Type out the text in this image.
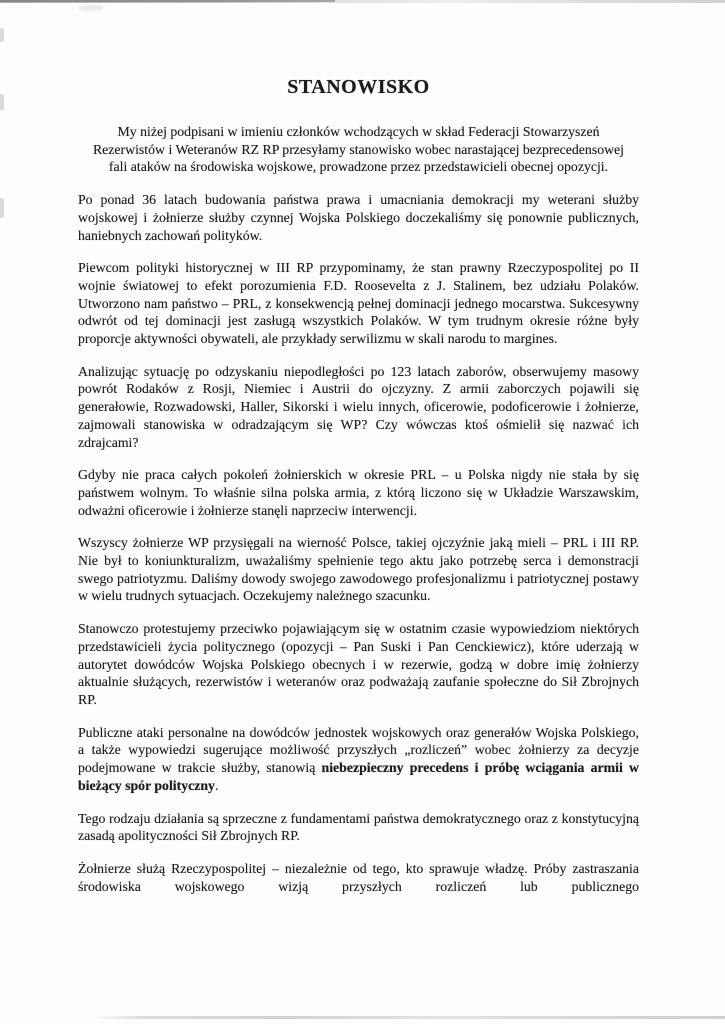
STANOWISKO

My niżej podpisani w imieniu członków wchodzących w skład Federacji Stowarzyszeń Rezerwistów i Weteranów RZ RP przesyłamy stanowisko wobec narastającej bezprecedensowej fali ataków na środowiska wojskowe, prowadzone przez przedstawicieli obecnej opozycji.

Po ponad 36 latach budowania państwa prawa i umacniania demokracji my weterani służby wojskowej i żołnierze służby czynnej Wojska Polskiego doczekaliśmy się ponownie publicznych, haniebnych zachowań polityków.

Piewcom polityki historycznej w III RP przypominamy, że stan prawny Rzeczypospolitej po II wojnie światowej to efekt porozumienia F.D. Roosevelta z J. Stalinem, bez udziału Polaków. Utworzono nam państwo – PRL, z konsekwencją pełnej dominacji jednego mocarstwa. Sukcesywny odwrót od tej dominacji jest zasługą wszystkich Polaków. W tym trudnym okresie różne były proporcje aktywności obywateli, ale przykłady serwilizmu w skali narodu to margines.

Analizując sytuację po odzyskaniu niepodległości po 123 latach zaborów, obserwujemy masowy powrót Rodaków z Rosji, Niemiec i Austrii do ojczyzny. Z armii zaborczych pojawili się generałowie, Rozwadowski, Haller, Sikorski i wielu innych, oficerowie, podoficerowie i żołnierze, zajmowali stanowiska w odradzającym się WP? Czy wówczas ktoś ośmielił się nazwać ich zdrajcami?

Gdyby nie praca całych pokoleń żołnierskich w okresie PRL – u Polska nigdy nie stała by się państwem wolnym. To właśnie silna polska armia, z którą liczono się w Układzie Warszawskim, odważni oficerowie i żołnierze stanęli naprzeciw interwencji.

Wszyscy żołnierze WP przysięgali na wierność Polsce, takiej ojczyźnie jaką mieli – PRL i III RP. Nie był to koniunkturalizm, uważaliśmy spełnienie tego aktu jako potrzebę serca i demonstracji swego patriotyzmu. Daliśmy dowody swojego zawodowego profesjonalizmu i patriotycznej postawy w wielu trudnych sytuacjach. Oczekujemy należnego szacunku.

Stanowczo protestujemy przeciwko pojawiającym się w ostatnim czasie wypowiedziom niektórych przedstawicieli życia politycznego (opozycji – Pan Suski i Pan Cenckiewicz), które uderzają w autorytet dowódców Wojska Polskiego obecnych i w rezerwie, godzą w dobre imię żołnierzy aktualnie służących, rezerwistów i weteranów oraz podważają zaufanie społeczne do Sił Zbrojnych RP.

Publiczne ataki personalne na dowódców jednostek wojskowych oraz generałów Wojska Polskiego, a także wypowiedzi sugerujące możliwość przyszłych „rozliczeń” wobec żołnierzy za decyzje podejmowane w trakcie służby, stanowią niebezpieczny precedens i próbę wciągania armii w bieżący spór polityczny.

Tego rodzaju działania są sprzeczne z fundamentami państwa demokratycznego oraz z konstytucyjną zasadą apolityczności Sił Zbrojnych RP.

Żołnierze służą Rzeczypospolitej – niezależnie od tego, kto sprawuje władzę. Próby zastraszania środowiska wojskowego wizją przyszłych rozliczeń lub publicznego
